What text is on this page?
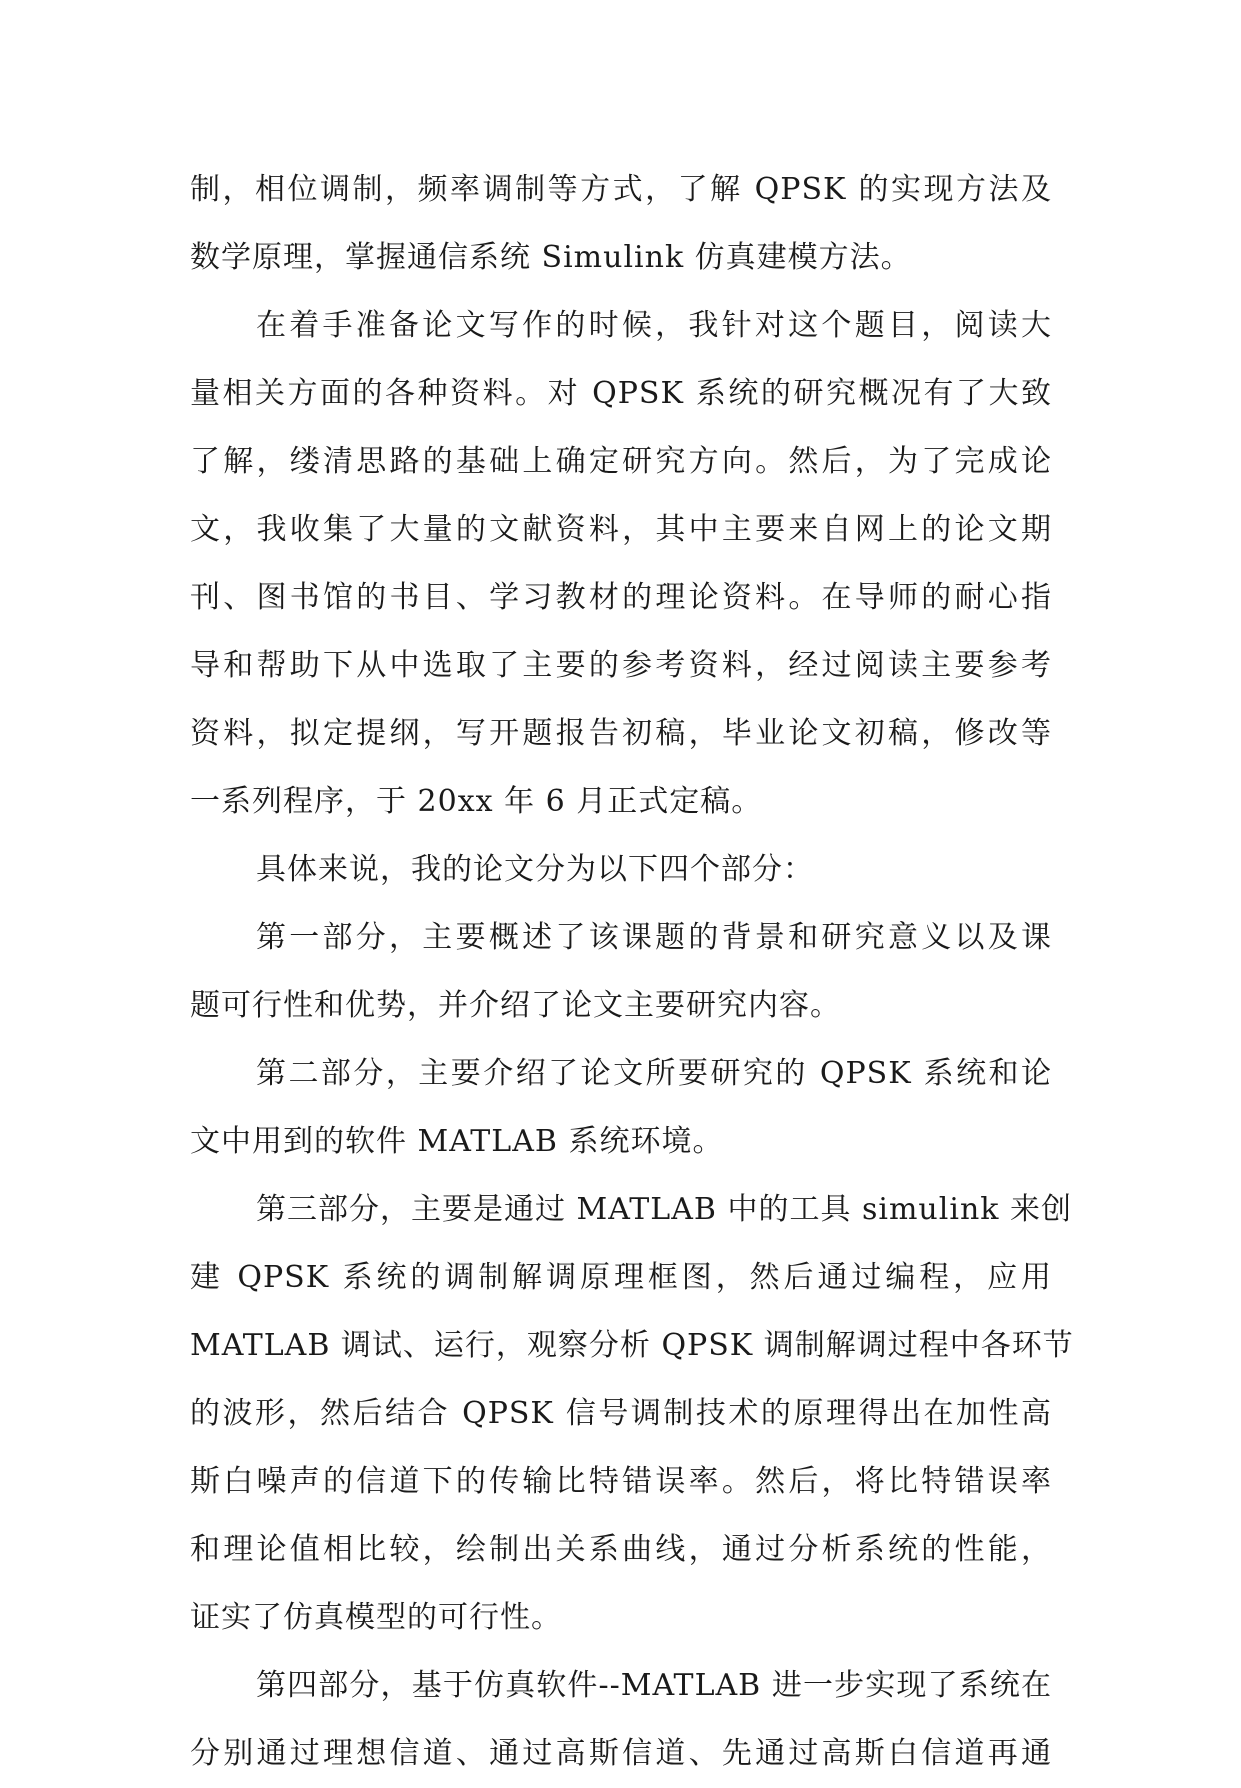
制，相位调制，频率调制等方式，了解 QPSK 的实现方法及
数学原理，掌握通信系统 Simulink 仿真建模方法。
在着手准备论文写作的时候，我针对这个题目，阅读大
量相关方面的各种资料。对 QPSK 系统的研究概况有了大致
了解，缕清思路的基础上确定研究方向。然后，为了完成论
文，我收集了大量的文献资料，其中主要来自网上的论文期
刊、图书馆的书目、学习教材的理论资料。在导师的耐心指
导和帮助下从中选取了主要的参考资料，经过阅读主要参考
资料，拟定提纲，写开题报告初稿，毕业论文初稿，修改等
一系列程序，于 20xx 年 6 月正式定稿。
具体来说，我的论文分为以下四个部分：
第一部分，主要概述了该课题的背景和研究意义以及课
题可行性和优势，并介绍了论文主要研究内容。
第二部分，主要介绍了论文所要研究的 QPSK 系统和论
文中用到的软件 MATLAB 系统环境。
第三部分，主要是通过 MATLAB 中的工具 simulink 来创
建 QPSK 系统的调制解调原理框图，然后通过编程，应用
MATLAB 调试、运行，观察分析 QPSK 调制解调过程中各环节
的波形，然后结合 QPSK 信号调制技术的原理得出在加性高
斯白噪声的信道下的传输比特错误率。然后，将比特错误率
和理论值相比较，绘制出关系曲线，通过分析系统的性能，
证实了仿真模型的可行性。
第四部分，基于仿真软件--MATLAB 进一步实现了系统在
分别通过理想信道、通过高斯信道、先通过高斯白信道再通
